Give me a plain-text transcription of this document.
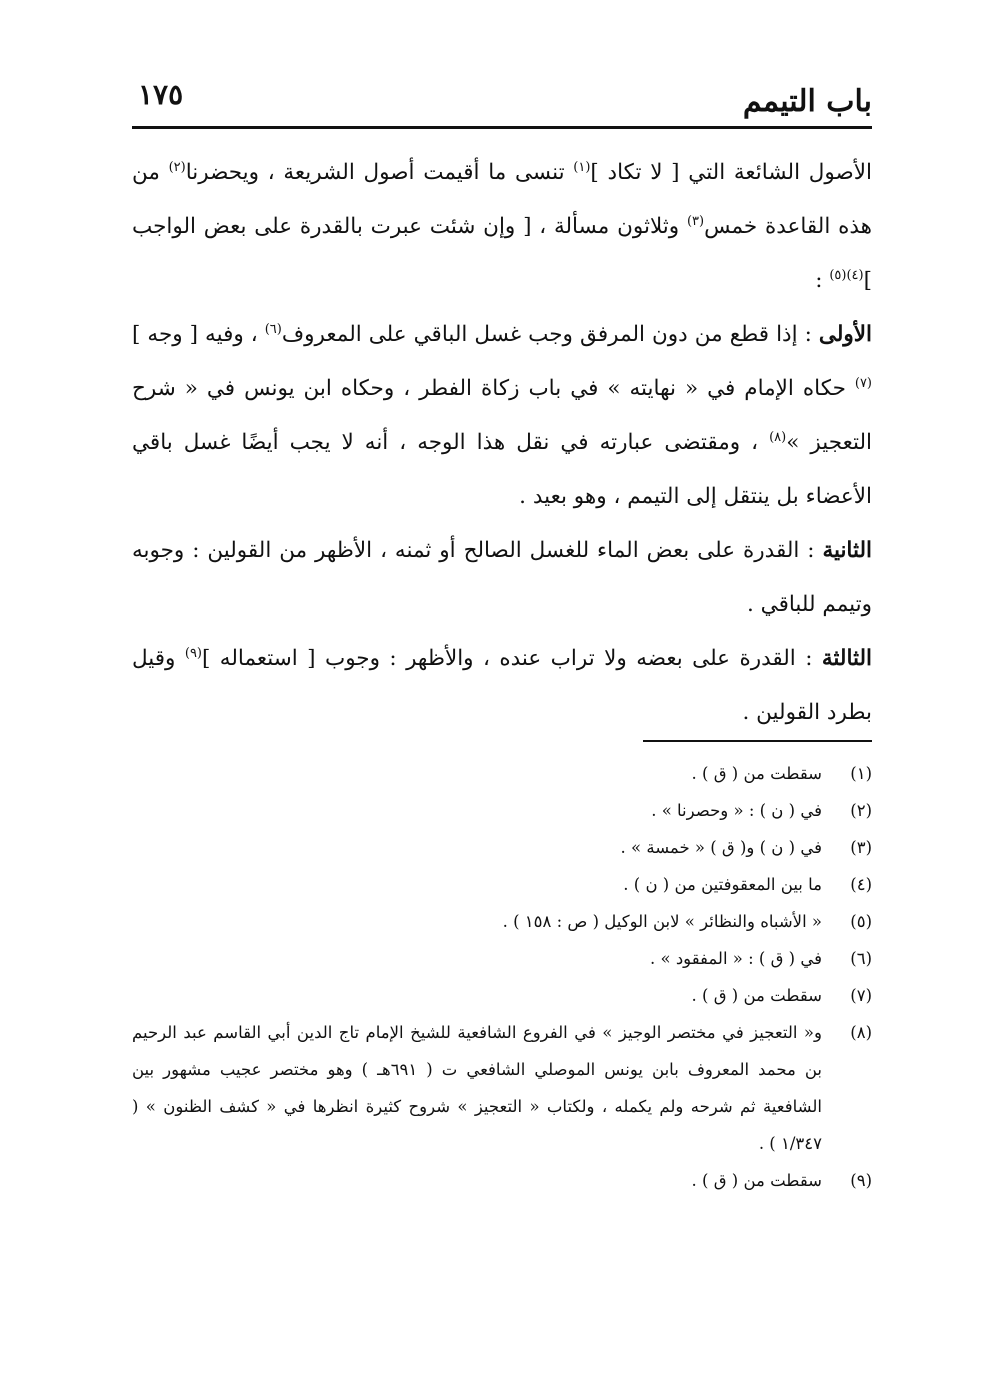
باب التيمم
١٧٥

الأصول الشائعة التي [ لا تكاد ]$^{(١)}$ تنسى ما أقيمت أصول الشريعة ، ويحضرنا$^{(٢)}$ من هذه القاعدة خمس$^{(٣)}$ وثلاثون مسألة ، [ وإن شئت عبرت بالقدرة على بعض الواجب ]$^{(٤)(٥)}$ :

الأولى : إذا قطع من دون المرفق وجب غسل الباقي على المعروف$^{(٦)}$ ، وفيه [ وجه ]$^{(٧)}$ حكاه الإمام في « نهايته » في باب زكاة الفطر ، وحكاه ابن يونس في « شرح التعجيز »$^{(٨)}$ ، ومقتضى عبارته في نقل هذا الوجه ، أنه لا يجب أيضًا غسل باقي الأعضاء بل ينتقل إلى التيمم ، وهو بعيد .

الثانية : القدرة على بعض الماء للغسل الصالح أو ثمنه ، الأظهر من القولين : وجوبه وتيمم للباقي .

الثالثة : القدرة على بعضه ولا تراب عنده ، والأظهر : وجوب [ استعماله ]$^{(٩)}$ وقيل بطرد القولين .

(١)
سقطت من ( ق ) .
(٢)
في ( ن ) : « وحصرنا » .
(٣)
في ( ن ) و( ق ) « خمسة » .
(٤)
ما بين المعقوفتين من ( ن ) .
(٥)
« الأشباه والنظائر » لابن الوكيل ( ص : ١٥٨ ) .
(٦)
في ( ق ) : « المفقود » .
(٧)
سقطت من ( ق ) .
(٨)
و« التعجيز في مختصر الوجيز » في الفروع الشافعية للشيخ الإمام تاج الدين أبي القاسم عبد الرحيم بن محمد المعروف بابن يونس الموصلي الشافعي ت ( ٦٩١هـ ) وهو مختصر عجيب مشهور بين الشافعية ثم شرحه ولم يكمله ، ولكتاب « التعجيز » شروح كثيرة انظرها في « كشف الظنون » ( ١/٣٤٧ ) .
(٩)
سقطت من ( ق ) .
